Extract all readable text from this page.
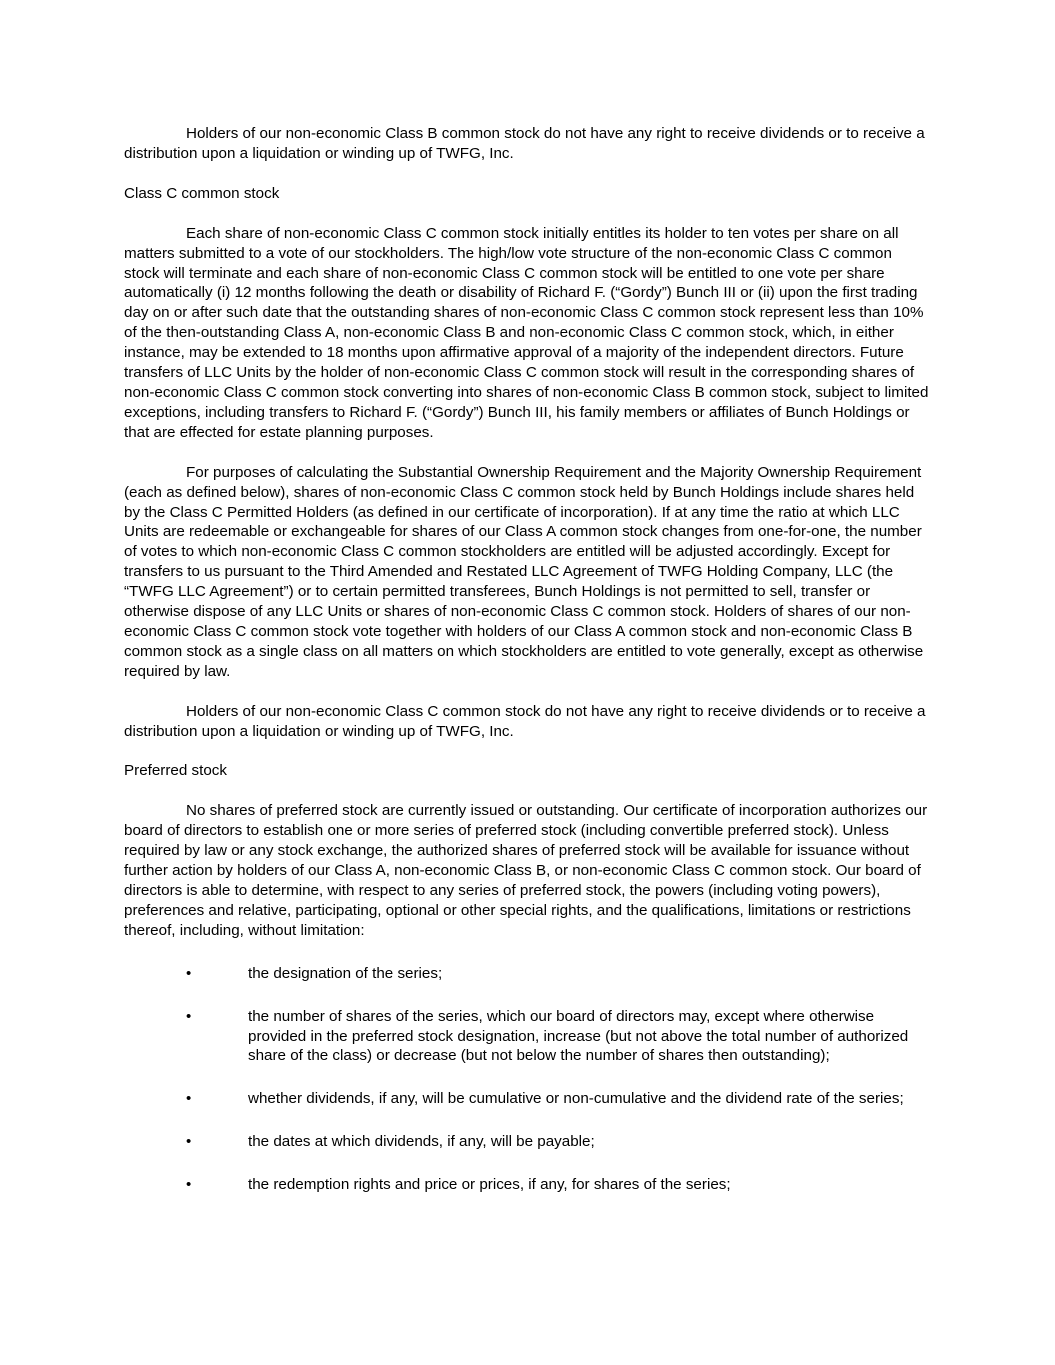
Holders of our non-economic Class B common stock do not have any right to receive dividends or to receive a distribution upon a liquidation or winding up of TWFG, Inc.

Class C common stock

Each share of non-economic Class C common stock initially entitles its holder to ten votes per share on all matters submitted to a vote of our stockholders. The high/low vote structure of the non-economic Class C common stock will terminate and each share of non-economic Class C common stock will be entitled to one vote per share automatically (i) 12 months following the death or disability of Richard F. (“Gordy”) Bunch III or (ii) upon the first trading day on or after such date that the outstanding shares of non-economic Class C common stock represent less than 10% of the then-outstanding Class A, non-economic Class B and non-economic Class C common stock, which, in either instance, may be extended to 18 months upon affirmative approval of a majority of the independent directors. Future transfers of LLC Units by the holder of non-economic Class C common stock will result in the corresponding shares of non-economic Class C common stock converting into shares of non-economic Class B common stock, subject to limited exceptions, including transfers to Richard F. (“Gordy”) Bunch III, his family members or affiliates of Bunch Holdings or that are effected for estate planning purposes.

For purposes of calculating the Substantial Ownership Requirement and the Majority Ownership Requirement (each as defined below), shares of non-economic Class C common stock held by Bunch Holdings include shares held by the Class C Permitted Holders (as defined in our certificate of incorporation). If at any time the ratio at which LLC Units are redeemable or exchangeable for shares of our Class A common stock changes from one-for-one, the number of votes to which non-economic Class C common stockholders are entitled will be adjusted accordingly. Except for transfers to us pursuant to the Third Amended and Restated LLC Agreement of TWFG Holding Company, LLC (the “TWFG LLC Agreement”) or to certain permitted transferees, Bunch Holdings is not permitted to sell, transfer or otherwise dispose of any LLC Units or shares of non-economic Class C common stock. Holders of shares of our non-economic Class C common stock vote together with holders of our Class A common stock and non-economic Class B common stock as a single class on all matters on which stockholders are entitled to vote generally, except as otherwise required by law.

Holders of our non-economic Class C common stock do not have any right to receive dividends or to receive a distribution upon a liquidation or winding up of TWFG, Inc.

Preferred stock

No shares of preferred stock are currently issued or outstanding. Our certificate of incorporation authorizes our board of directors to establish one or more series of preferred stock (including convertible preferred stock). Unless required by law or any stock exchange, the authorized shares of preferred stock will be available for issuance without further action by holders of our Class A, non-economic Class B, or non-economic Class C common stock. Our board of directors is able to determine, with respect to any series of preferred stock, the powers (including voting powers), preferences and relative, participating, optional or other special rights, and the qualifications, limitations or restrictions thereof, including, without limitation:

•	the designation of the series;
•	the number of shares of the series, which our board of directors may, except where otherwise provided in the preferred stock designation, increase (but not above the total number of authorized share of the class) or decrease (but not below the number of shares then outstanding);
•	whether dividends, if any, will be cumulative or non-cumulative and the dividend rate of the series;
•	the dates at which dividends, if any, will be payable;
•	the redemption rights and price or prices, if any, for shares of the series;
